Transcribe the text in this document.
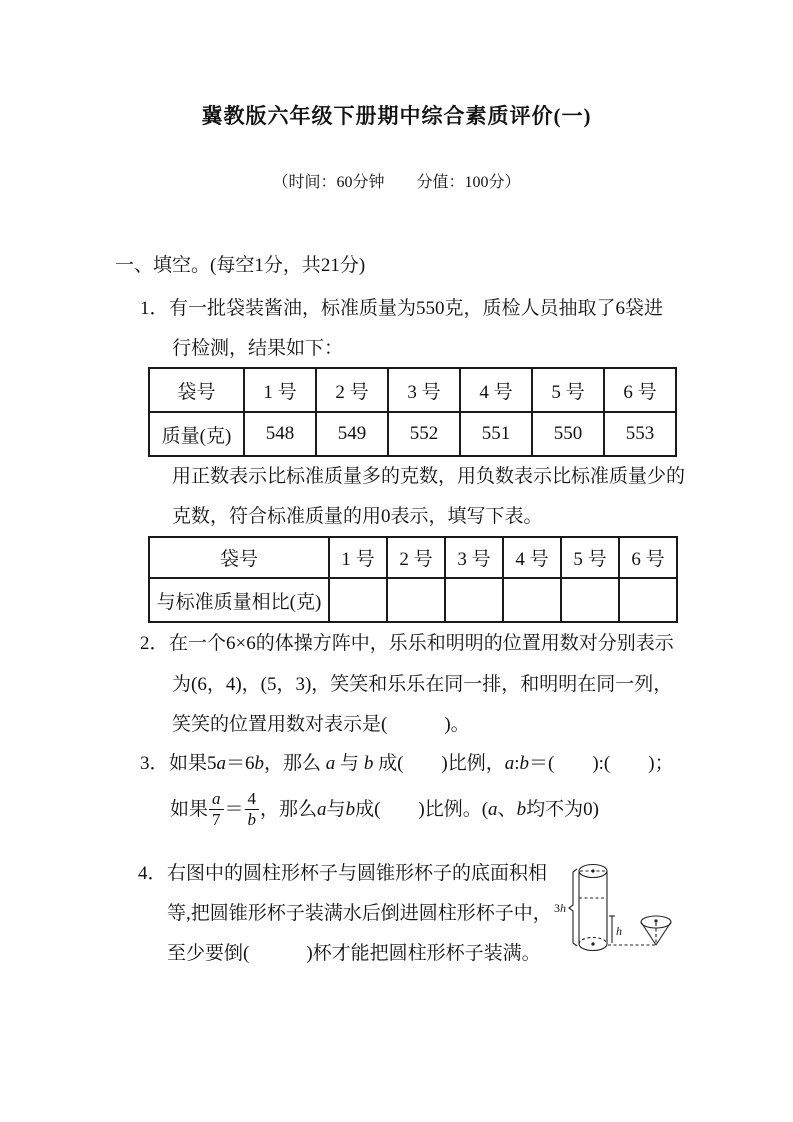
冀教版六年级下册期中综合素质评价(一)
（时间：60分钟　　分值：100分）
一、填空。(每空1分，共21分)
1．有一批袋装酱油，标准质量为550克，质检人员抽取了6袋进
行检测，结果如下：
袋号	1 号	2 号	3 号	4 号	5 号	6 号
质量(克)	548	549	552	551	550	553
用正数表示比标准质量多的克数，用负数表示比标准质量少的
克数，符合标准质量的用0表示，填写下表。
袋号	1 号	2 号	3 号	4 号	5 号	6 号
与标准质量相比(克)						
2．在一个6×6的体操方阵中，乐乐和明明的位置用数对分别表示
为(6，4)，(5，3)，笑笑和乐乐在同一排，和明明在同一列，
笑笑的位置用数对表示是(　　　)。
3．如果5a＝6b，那么 a 与 b 成(　　)比例，a:b＝(　　):(　　)；
如果 $\frac{a}{7} = \frac{4}{b}$ ，那么 a 与 b 成(　　)比例。( a 、 b 均不为0)
4．右图中的圆柱形杯子与圆锥形杯子的底面积相
等,把圆锥形杯子装满水后倒进圆柱形杯子中，
至少要倒(　　　)杯才能把圆柱形杯子装满。
3h
h
